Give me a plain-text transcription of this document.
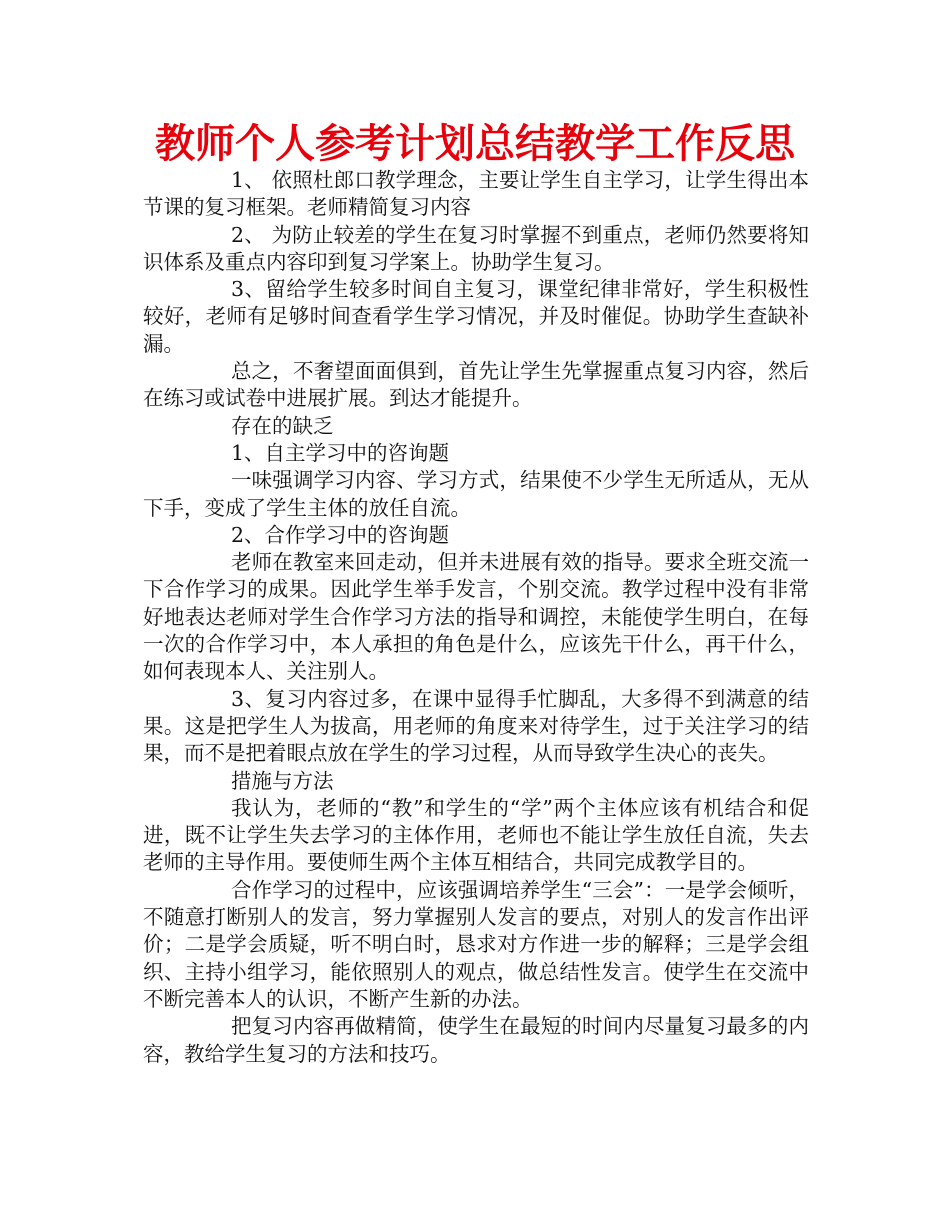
教师个人参考计划总结教学工作反思

1、 依照杜郎口教学理念，主要让学生自主学习，让学生得出本节课的复习框架。老师精简复习内容

2、 为防止较差的学生在复习时掌握不到重点，老师仍然要将知识体系及重点内容印到复习学案上。协助学生复习。

3、留给学生较多时间自主复习，课堂纪律非常好，学生积极性较好，老师有足够时间查看学生学习情况，并及时催促。协助学生查缺补漏。

总之，不奢望面面俱到，首先让学生先掌握重点复习内容，然后在练习或试卷中进展扩展。到达才能提升。

存在的缺乏

1、自主学习中的咨询题

一味强调学习内容、学习方式，结果使不少学生无所适从，无从下手，变成了学生主体的放任自流。

2、合作学习中的咨询题

老师在教室来回走动，但并未进展有效的指导。要求全班交流一下合作学习的成果。因此学生举手发言，个别交流。教学过程中没有非常好地表达老师对学生合作学习方法的指导和调控，未能使学生明白，在每一次的合作学习中，本人承担的角色是什么，应该先干什么，再干什么，如何表现本人、关注别人。

3、复习内容过多，在课中显得手忙脚乱，大多得不到满意的结果。这是把学生人为拔高，用老师的角度来对待学生，过于关注学习的结果，而不是把着眼点放在学生的学习过程，从而导致学生决心的丧失。

措施与方法

我认为，老师的“教”和学生的“学”两个主体应该有机结合和促进，既不让学生失去学习的主体作用，老师也不能让学生放任自流，失去老师的主导作用。要使师生两个主体互相结合，共同完成教学目的。

合作学习的过程中，应该强调培养学生“三会”：一是学会倾听，不随意打断别人的发言，努力掌握别人发言的要点，对别人的发言作出评价；二是学会质疑，听不明白时，恳求对方作进一步的解释；三是学会组织、主持小组学习，能依照别人的观点，做总结性发言。使学生在交流中不断完善本人的认识，不断产生新的办法。

把复习内容再做精简，使学生在最短的时间内尽量复习最多的内容，教给学生复习的方法和技巧。
